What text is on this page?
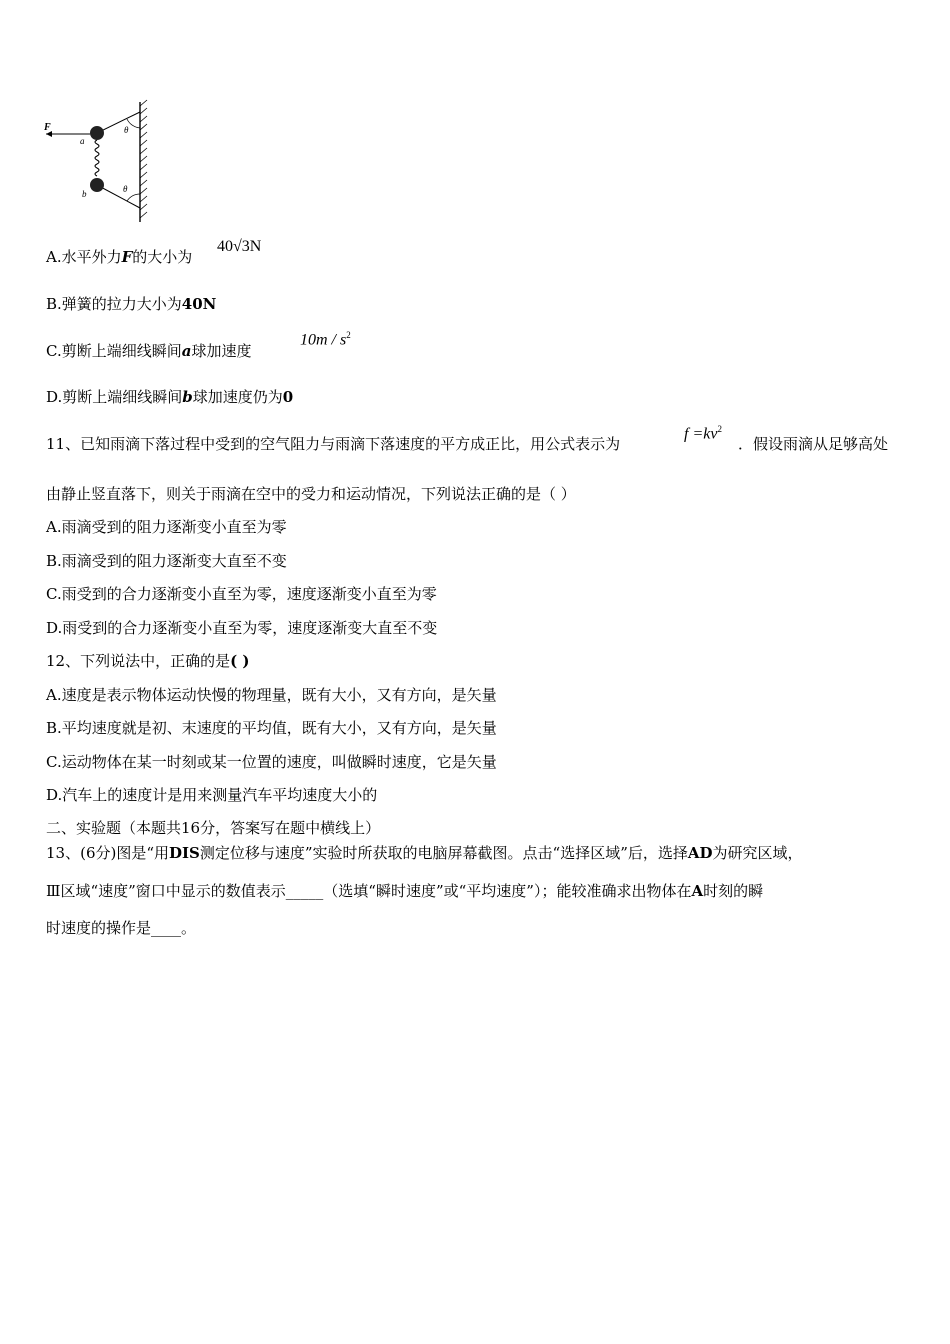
F
a
b
θ
θ
A.水平外力F的大小为
40√3N
B.弹簧的拉力大小为40N
C.剪断上端细线瞬间a球加速度
$10m / s^2$
D.剪断上端细线瞬间b球加速度仍为0
11、已知雨滴下落过程中受到的空气阻力与雨滴下落速度的平方成正比，用公式表示为
$f =kv^2$
．假设雨滴从足够高处
由静止竖直落下，则关于雨滴在空中的受力和运动情况，下列说法正确的是（ ）
A.雨滴受到的阻力逐渐变小直至为零
B.雨滴受到的阻力逐渐变大直至不变
C.雨受到的合力逐渐变小直至为零，速度逐渐变小直至为零
D.雨受到的合力逐渐变小直至为零，速度逐渐变大直至不变
12、下列说法中，正确的是( )
A.速度是表示物体运动快慢的物理量，既有大小，又有方向，是矢量
B.平均速度就是初、末速度的平均值，既有大小，又有方向，是矢量
C.运动物体在某一时刻或某一位置的速度，叫做瞬时速度，它是矢量
D.汽车上的速度计是用来测量汽车平均速度大小的
二、实验题（本题共16分，答案写在题中横线上）
13、(6分)图是“用DIS测定位移与速度”实验时所获取的电脑屏幕截图。点击“选择区域”后，选择AD为研究区域，
Ⅲ区域“速度”窗口中显示的数值表示_____（选填“瞬时速度”或“平均速度”）；能较准确求出物体在A时刻的瞬
时速度的操作是____。
